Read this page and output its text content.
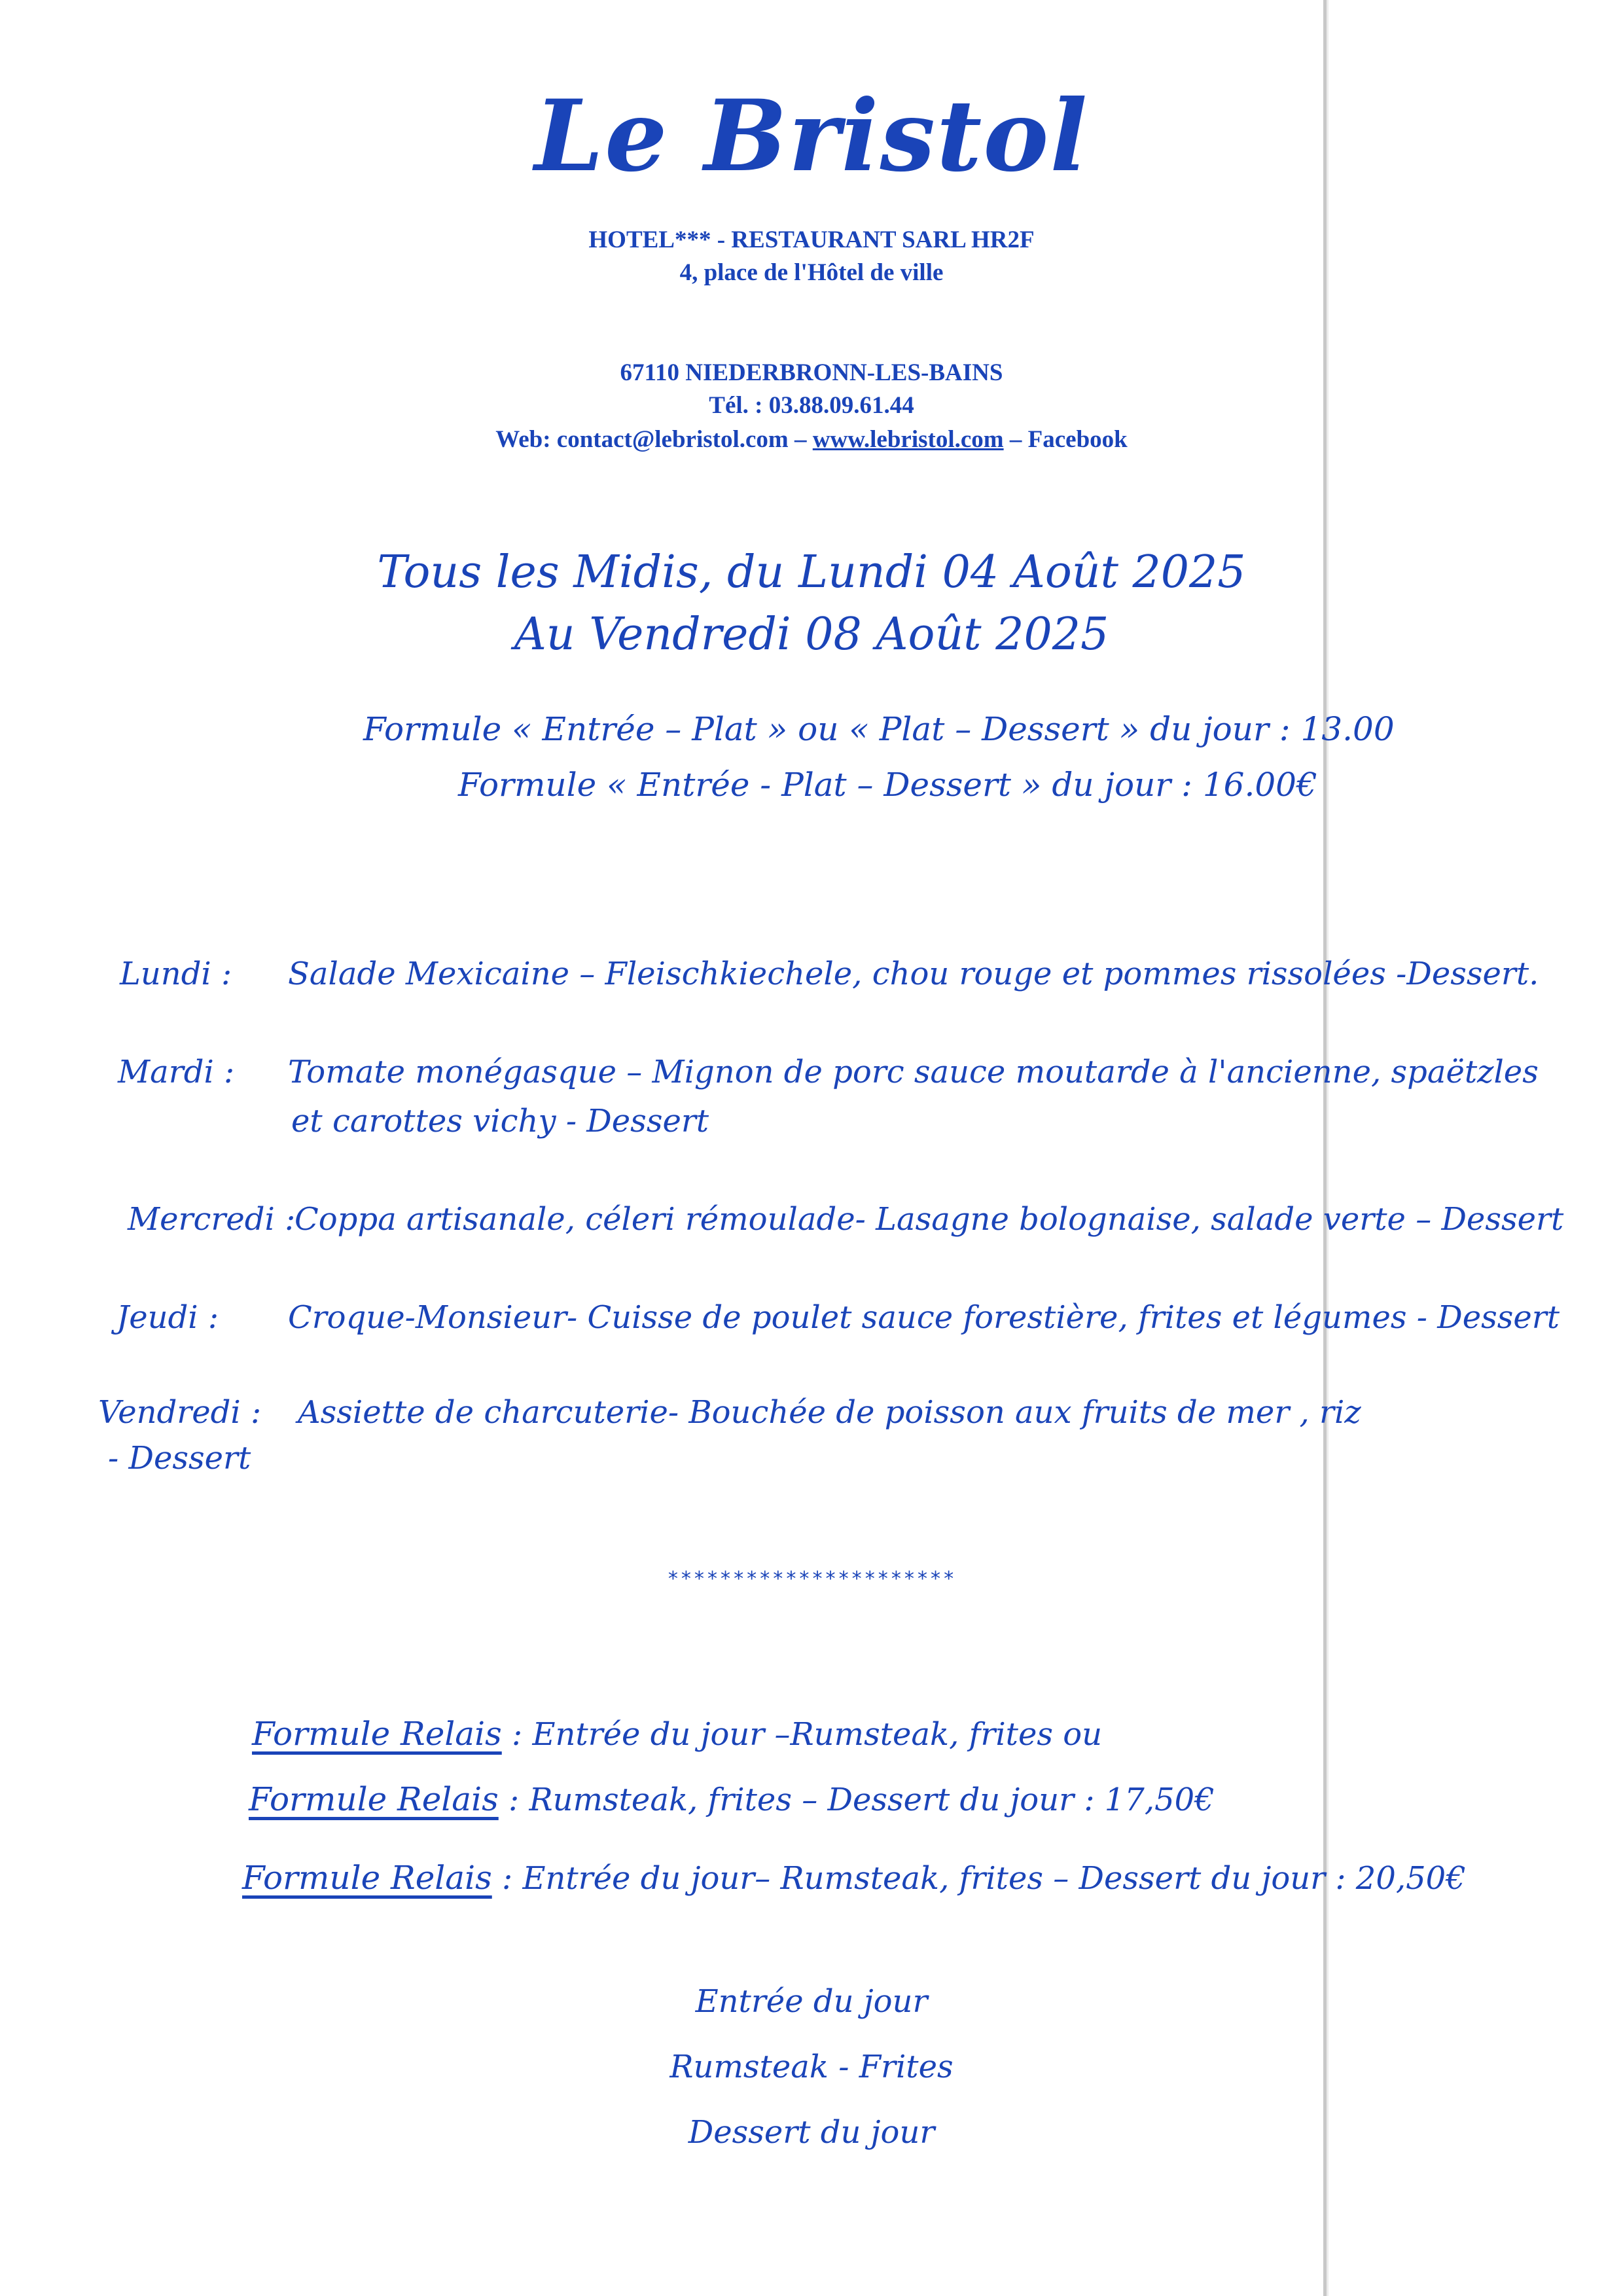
Le Bristol
HOTEL*** - RESTAURANT SARL HR2F
4, place de l'Hôtel de ville
67110 NIEDERBRONN-LES-BAINS
Tél. : 03.88.09.61.44
Web: contact@lebristol.com – www.lebristol.com – Facebook
Tous les Midis, du Lundi 04 Août 2025
Au Vendredi 08 Août 2025
Formule « Entrée – Plat » ou « Plat – Dessert » du jour : 13.00
Formule « Entrée - Plat – Dessert » du jour : 16.00€
Lundi : Salade Mexicaine – Fleischkiechele, chou rouge et pommes rissolées -Dessert.
Mardi : Tomate monégasque – Mignon de porc sauce moutarde à l'ancienne, spaëtzles
et carottes vichy - Dessert
Mercredi :
Coppa artisanale, céleri rémoulade- Lasagne bolognaise, salade verte – Dessert
Jeudi : Croque-Monsieur- Cuisse de poulet sauce forestière, frites et légumes - Dessert
Vendredi : Assiette de charcuterie- Bouchée de poisson aux fruits de mer , riz
- Dessert
**********************
Formule Relais : Entrée du jour –Rumsteak, frites ou
Formule Relais : Rumsteak, frites – Dessert du jour : 17,50€
Formule Relais : Entrée du jour– Rumsteak, frites – Dessert du jour : 20,50€
Entrée du jour
Rumsteak - Frites
Dessert du jour
